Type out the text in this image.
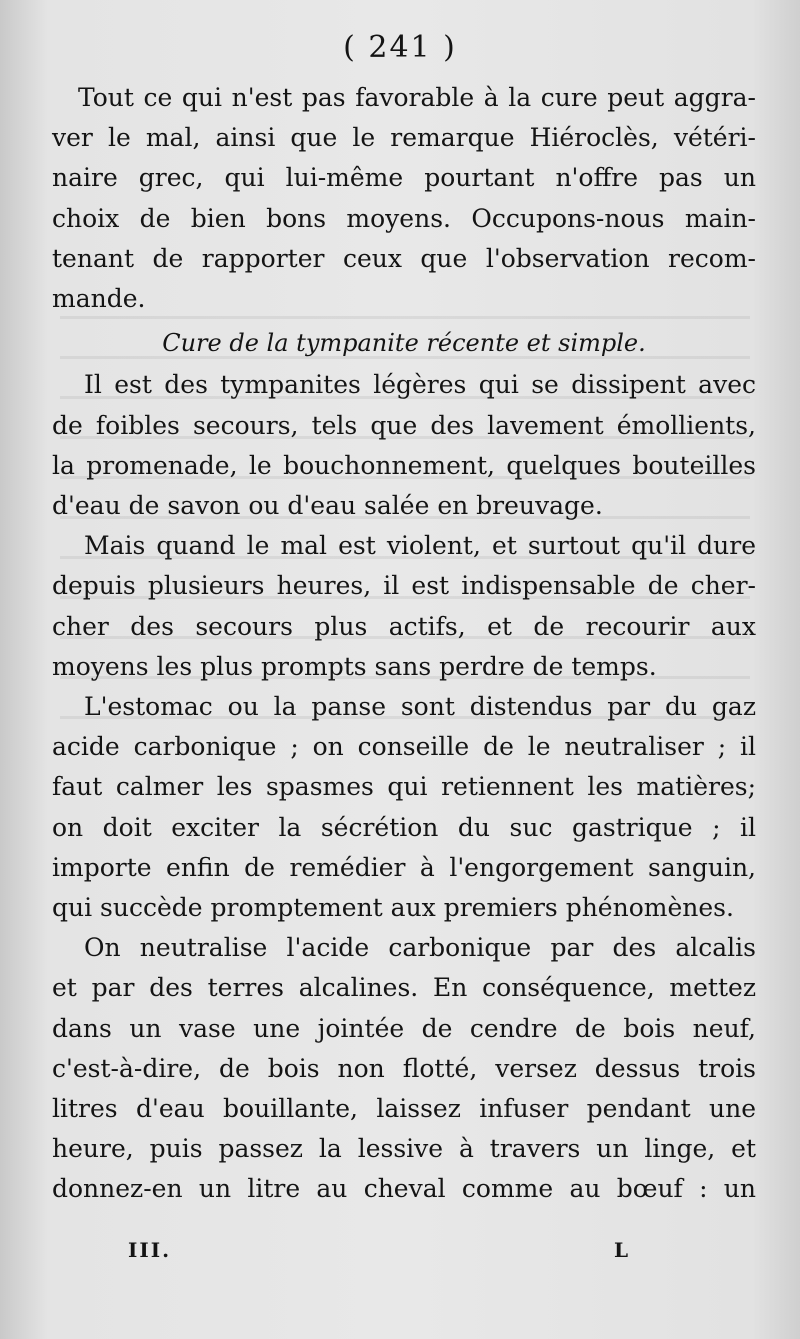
( 241 )
Tout ce qui n'est pas favorable à la cure peut aggra-
ver le mal, ainsi que le remarque Hiéroclès, vétéri-
naire grec, qui lui-même pourtant n'offre pas un
choix de bien bons moyens. Occupons-nous main-
tenant de rapporter ceux que l'observation recom-
mande.
Cure de la tympanite récente et simple.
Il est des tympanites légères qui se dissipent avec
de foibles secours, tels que des lavement émollients,
la promenade, le bouchonnement, quelques bouteilles
d'eau de savon ou d'eau salée en breuvage.
Mais quand le mal est violent, et surtout qu'il dure
depuis plusieurs heures, il est indispensable de cher-
cher des secours plus actifs, et de recourir aux
moyens les plus prompts sans perdre de temps.
L'estomac ou la panse sont distendus par du gaz
acide carbonique ; on conseille de le neutraliser ; il
faut calmer les spasmes qui retiennent les matières;
on doit exciter la sécrétion du suc gastrique ; il
importe enfin de remédier à l'engorgement sanguin,
qui succède promptement aux premiers phénomènes.
On neutralise l'acide carbonique par des alcalis
et par des terres alcalines. En conséquence, mettez
dans un vase une jointée de cendre de bois neuf,
c'est-à-dire, de bois non flotté, versez dessus trois
litres d'eau bouillante, laissez infuser pendant une
heure, puis passez la lessive à travers un linge, et
donnez-en un litre au cheval comme au bœuf : un
III.	L
